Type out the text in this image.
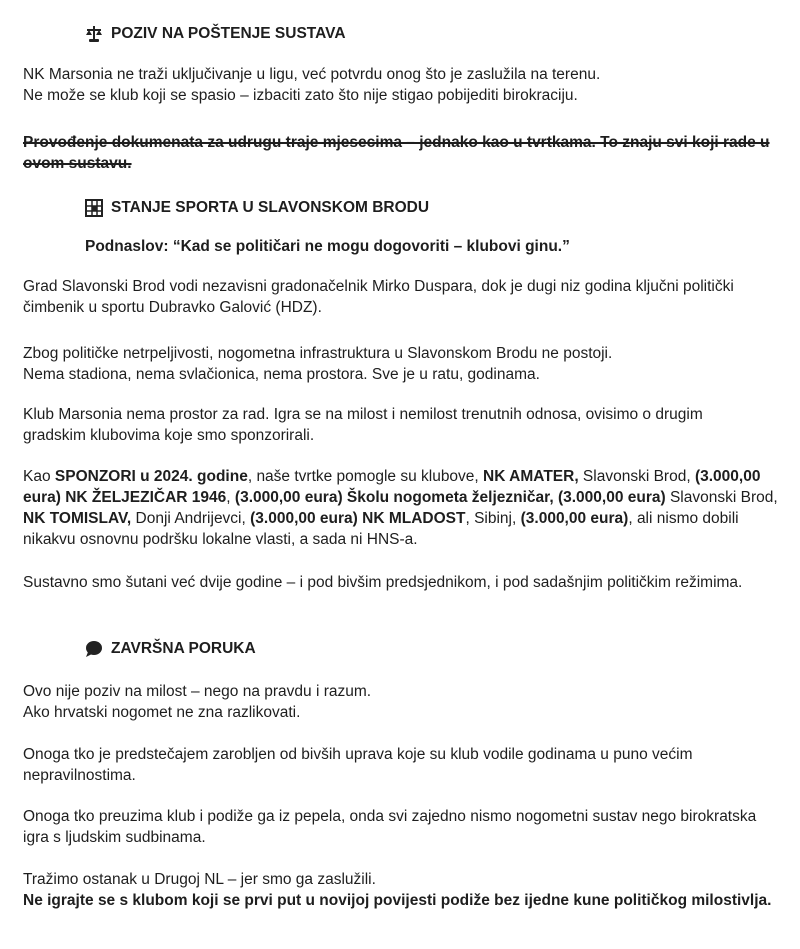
POZIV NA POŠTENJE SUSTAVA
NK Marsonia ne traži uključivanje u ligu, već potvrdu onog što je zaslužila na terenu.
Ne može se klub koji se spasio – izbaciti zato što nije stigao pobijediti birokraciju.
Provođenje dokumenata za udrugu traje mjesecima – jednako kao u tvrtkama. To znaju svi koji rade u ovom sustavu.
STANJE SPORTA U SLAVONSKOM BRODU
Podnaslov: “Kad se političari ne mogu dogovoriti – klubovi ginu.”
Grad Slavonski Brod vodi nezavisni gradonačelnik Mirko Duspara, dok je dugi niz godina ključni politički čimbenik u sportu Dubravko Galović (HDZ).
Zbog političke netrpeljivosti, nogometna infrastruktura u Slavonskom Brodu ne postoji.
Nema stadiona, nema svlačionica, nema prostora. Sve je u ratu, godinama.
Klub Marsonia nema prostor za rad. Igra se na milost i nemilost trenutnih odnosa, ovisimo o drugim gradskim klubovima koje smo sponzorirali.
Kao SPONZORI u 2024. godine, naše tvrtke pomogle su klubove, NK AMATER, Slavonski Brod, (3.000,00 eura) NK ŽELJEZIČAR 1946, (3.000,00 eura) Školu nogometa željezničar, (3.000,00 eura) Slavonski Brod, NK TOMISLAV, Donji Andrijevci, (3.000,00 eura) NK MLADOST, Sibinj, (3.000,00 eura), ali nismo dobili nikakvu osnovnu podršku lokalne vlasti, a sada ni HNS-a.
Sustavno smo šutani već dvije godine – i pod bivšim predsjednikom, i pod sadašnjim političkim režimima.
ZAVRŠNA PORUKA
Ovo nije poziv na milost – nego na pravdu i razum.
Ako hrvatski nogomet ne zna razlikovati.
Onoga tko je predstečajem zarobljen od bivših uprava koje su klub vodile godinama u puno većim nepravilnostima.
Onoga tko preuzima klub i podiže ga iz pepela, onda svi zajedno nismo nogometni sustav nego birokratska igra s ljudskim sudbinama.
Tražimo ostanak u Drugoj NL – jer smo ga zaslužili.
Ne igrajte se s klubom koji se prvi put u novijoj povijesti podiže bez ijedne kune političkog milostivlja.
